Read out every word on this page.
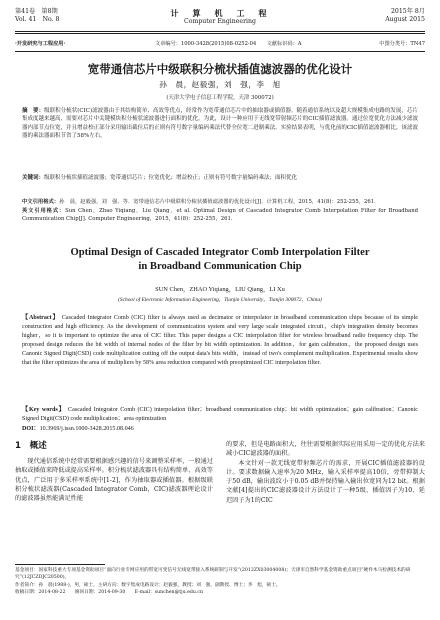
第41卷　第8期
Vol. 41　No. 8
计　算　机　工　程
Computer Engineering
2015年 8月
August 2015
·开发研究与工程应用·	文章编号：1000-3428(2015)08-0252-04　　文献标识码：A	中图分类号：TN47
宽带通信芯片中级联积分梳状插值滤波器的优化设计
孙　晨，赵毅强，刘　强，李　旭
(天津大学电子信息工程学院，天津 300072)
摘　要：级联积分梳状(CIC)滤波器由于其结构简单、高效等优点，经常作为宽带通信芯片中的抽取器或插值器。随着通信系统以及超大规模集成电路的发展，芯片集成度越来越高，需要对芯片中关键模块积分梳状滤波器进行面积的优化。为此，设计一种应用于无线宽带射频芯片的CIC插值滤波器。通过位宽优化方法减少滤波器内部节点位宽，并且增益校正部分采用输出截位后的正则有符号数字量编码乘法代替全位宽二进制乘法。实验结果表明，与优化前的CIC插值滤波器相比，该滤波器的乘法器面积节省了58%左右。
关键词：级联积分梳状插值滤波器；宽带通信芯片；位宽优化；增益校正；正则有符号数字量编码乘法；面积优化
中文引用格式：孙　晨，赵毅强，刘　强，等．宽带通信芯片中级联积分梳状插值滤波器的优化设计[J]．计算机工程，2015，41(8)：252-255，261．
英文引用格式：Sun Chen，Zhao Yiqiang，Liu Qiang，et al. Optimal Design of Cascaded Integrator Comb Interpolation Filter for Broadband Communication Chip[J]. Computer Engineering，2015，41(8)：252-255，261.
Optimal Design of Cascaded Integrator Comb Interpolation Filter
in Broadband Communication Chip
SUN Chen，ZHAO Yiqiang，LIU Qiang，LI Xu
(School of Electronic Information Engineering，Tianjin University，Tianjin 300072，China)
【Abstract】 Cascaded Integrator Comb (CIC) filter is always used as decimator or interpolator in broadband communication chips because of its simple construction and high efficiency. As the development of communication system and very large scale integrated circuit，chip's integration density becomes higher，so it is important to optimize the area of CIC filter. This paper designs a CIC interpolation filter for wireless broadband radio frequency chip. The proposed design reduces the bit width of internal nodes of the filter by bit width optimization. In addition，for gain calibration，the proposed design uses Canonic Signed Digit(CSD) code multiplication cutting off the output data's bits width，instead of two's complement multiplication. Experimental results show that the filter optimizes the area of multipliers by 58% area reduction compared with preoptimized CIC interpolation filter.
【Key words】 Cascaded Integrator Comb (CIC) interpolation filter；broadband communication chip；bit width optimization；gain calibration；Canonic Signed Digit(CSD) code multiplication；area optimization
DOI：10.3969/j.issn.1000-3428.2015.08.046
1　概述
现代通信系统中经常需要根据感兴趣的信号来调整采样率，一般通过抽取或插值来降低或提高采样率。积分梳状滤波器具有结构简单、高效等优点，广泛用于多采样率系统中[1-2]，作为抽取器或插值器。根据级联积分梳状滤波器(Cascaded Integrator Comb，CIC)滤波器理论设计的滤波器虽然能满足性能
的要求，但是电路面积大，往往需要根据实际应用采用一定的优化方法来减小CIC滤波器的面积。
本文针对一款无线宽带射频芯片的需求，开展CIC插值滤波器的设计。要求数据输入速率为20 MHz，输入采样率提高10倍，旁带抑制大于50 dB，输出波纹小于0.05 dB并保持输入输出位宽同为12 bit。根据文献[4]提出的CIC滤波器设计方法设计了一种5级、插值因子为10、延迟因子为1的CIC
基金项目：国家科技重大专项基金资助项目“面向行业专网应用的带宽可变信号无线宽带接入系统研制与开发”(2012ZX03004008)；天津市自然科学基金资助重点项目“硬件木马检测技术的研究”(12JCZDJC20500)。
作者简介：孙　晨(1988-)，男，硕士，主研方向：数字集成电路设计；赵毅强，教授；刘　强，副教授、博士；李　旭，硕士。
收稿日期：2014-08-22　　修回日期：2014-09-30　　E-mail：sunchen@tju.edu.cn
